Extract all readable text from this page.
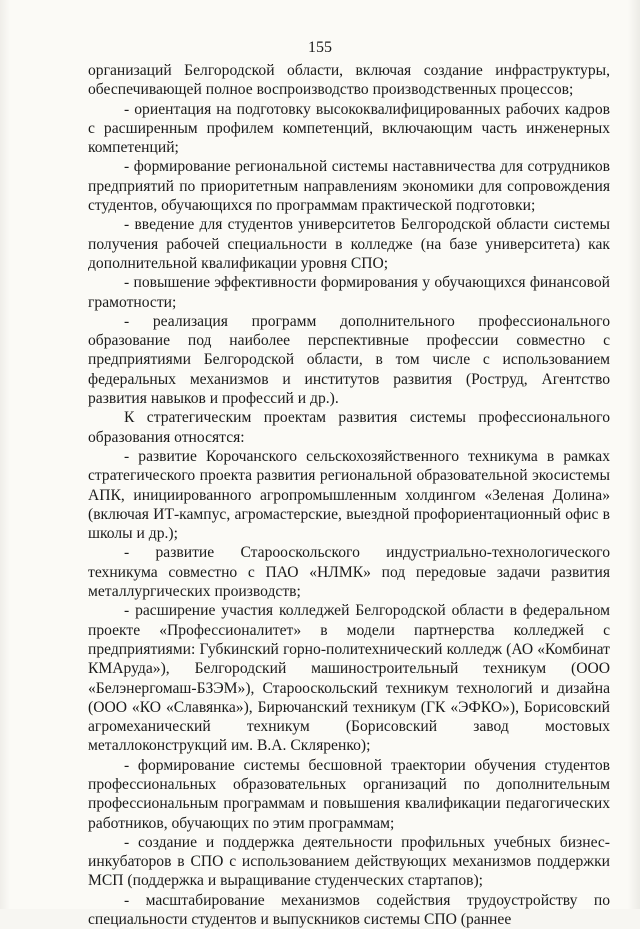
155

организаций Белгородской области, включая создание инфраструктуры, обеспечивающей полное воспроизводство производственных процессов;

- ориентация на подготовку высококвалифицированных рабочих кадров с расширенным профилем компетенций, включающим часть инженерных компетенций;

- формирование региональной системы наставничества для сотрудников предприятий по приоритетным направлениям экономики для сопровождения студентов, обучающихся по программам практической подготовки;

- введение для студентов университетов Белгородской области системы получения рабочей специальности в колледже (на базе университета) как дополнительной квалификации уровня СПО;

- повышение эффективности формирования у обучающихся финансовой грамотности;

- реализация программ дополнительного профессионального образование под наиболее перспективные профессии совместно с предприятиями Белгородской области, в том числе с использованием федеральных механизмов и институтов развития (Роструд, Агентство развития навыков и профессий и др.).

К стратегическим проектам развития системы профессионального образования относятся:

- развитие Корочанского сельскохозяйственного техникума в рамках стратегического проекта развития региональной образовательной экосистемы АПК, инициированного агропромышленным холдингом «Зеленая Долина» (включая ИТ-кампус, агромастерские, выездной профориентационный офис в школы и др.);

- развитие Старооскольского индустриально-технологического техникума совместно с ПАО «НЛМК» под передовые задачи развития металлургических производств;

- расширение участия колледжей Белгородской области в федеральном проекте «Профессионалитет» в модели партнерства колледжей с предприятиями: Губкинский горно-политехнический колледж (АО «Комбинат КМАруда»), Белгородский машиностроительный техникум (ООО «Белэнергомаш-БЗЭМ»), Старооскольский техникум технологий и дизайна (ООО «КО «Славянка»), Бирючанский техникум (ГК «ЭФКО»), Борисовский агромеханический техникум (Борисовский завод мостовых металлоконструкций им. В.А. Скляренко);

- формирование системы бесшовной траектории обучения студентов профессиональных образовательных организаций по дополнительным профессиональным программам и повышения квалификации педагогических работников, обучающих по этим программам;

- создание и поддержка деятельности профильных учебных бизнес-инкубаторов в СПО с использованием действующих механизмов поддержки МСП (поддержка и выращивание студенческих стартапов);

- масштабирование механизмов содействия трудоустройству по специальности студентов и выпускников системы СПО (раннее
